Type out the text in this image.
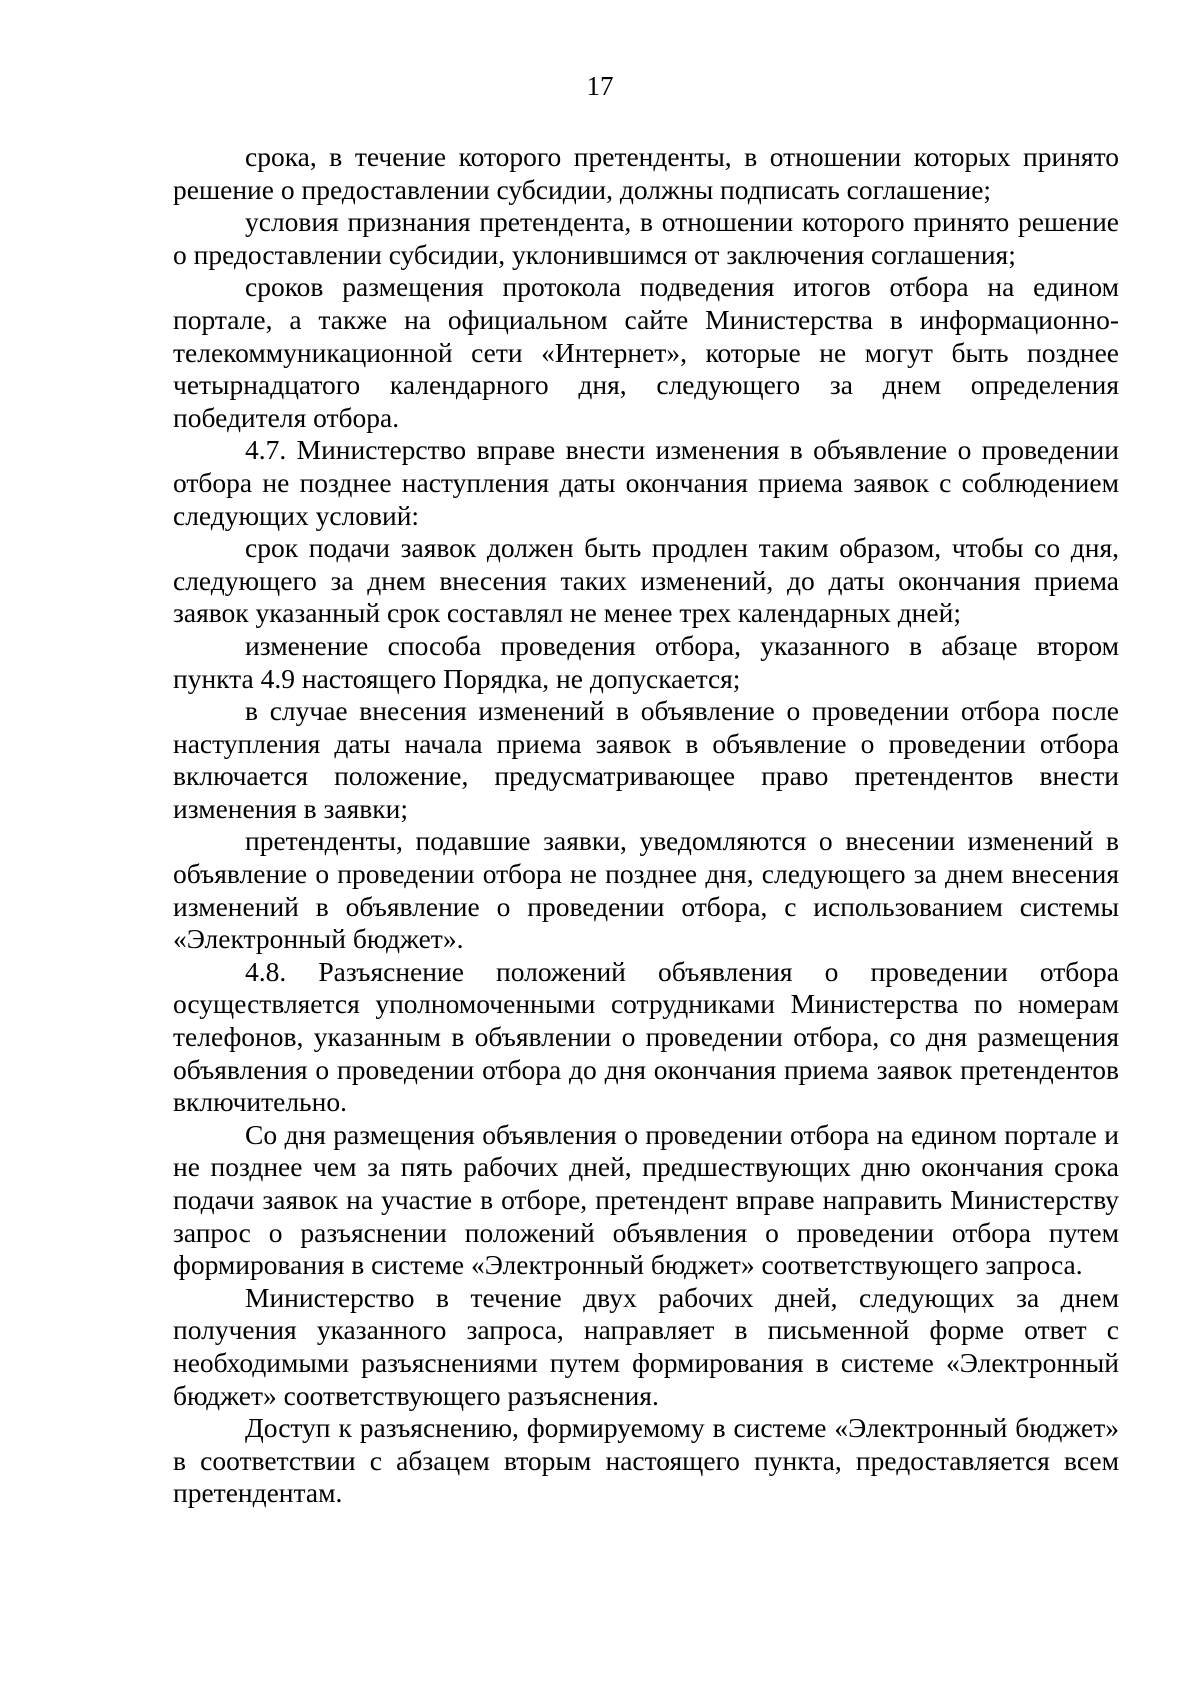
17

срока, в течение которого претенденты, в отношении которых принято решение о предоставлении субсидии, должны подписать соглашение;

условия признания претендента, в отношении которого принято решение о предоставлении субсидии, уклонившимся от заключения соглашения;

сроков размещения протокола подведения итогов отбора на едином портале, а также на официальном сайте Министерства в информационно-телекоммуникационной сети «Интернет», которые не могут быть позднее четырнадцатого календарного дня, следующего за днем определения победителя отбора.

4.7. Министерство вправе внести изменения в объявление о проведении отбора не позднее наступления даты окончания приема заявок с соблюдением следующих условий:

срок подачи заявок должен быть продлен таким образом, чтобы со дня, следующего за днем внесения таких изменений, до даты окончания приема заявок указанный срок составлял не менее трех календарных дней;

изменение способа проведения отбора, указанного в абзаце втором пункта 4.9 настоящего Порядка, не допускается;

в случае внесения изменений в объявление о проведении отбора после наступления даты начала приема заявок в объявление о проведении отбора включается положение, предусматривающее право претендентов внести изменения в заявки;

претенденты, подавшие заявки, уведомляются о внесении изменений в объявление о проведении отбора не позднее дня, следующего за днем внесения изменений в объявление о проведении отбора, с использованием системы «Электронный бюджет».

4.8. Разъяснение положений объявления о проведении отбора осуществляется уполномоченными сотрудниками Министерства по номерам телефонов, указанным в объявлении о проведении отбора, со дня размещения объявления о проведении отбора до дня окончания приема заявок претендентов включительно.

Со дня размещения объявления о проведении отбора на едином портале и не позднее чем за пять рабочих дней, предшествующих дню окончания срока подачи заявок на участие в отборе, претендент вправе направить Министерству запрос о разъяснении положений объявления о проведении отбора путем формирования в системе «Электронный бюджет» соответствующего запроса.

Министерство в течение двух рабочих дней, следующих за днем получения указанного запроса, направляет в письменной форме ответ с необходимыми разъяснениями путем формирования в системе «Электронный бюджет» соответствующего разъяснения.

Доступ к разъяснению, формируемому в системе «Электронный бюджет» в соответствии с абзацем вторым настоящего пункта, предоставляется всем претендентам.
